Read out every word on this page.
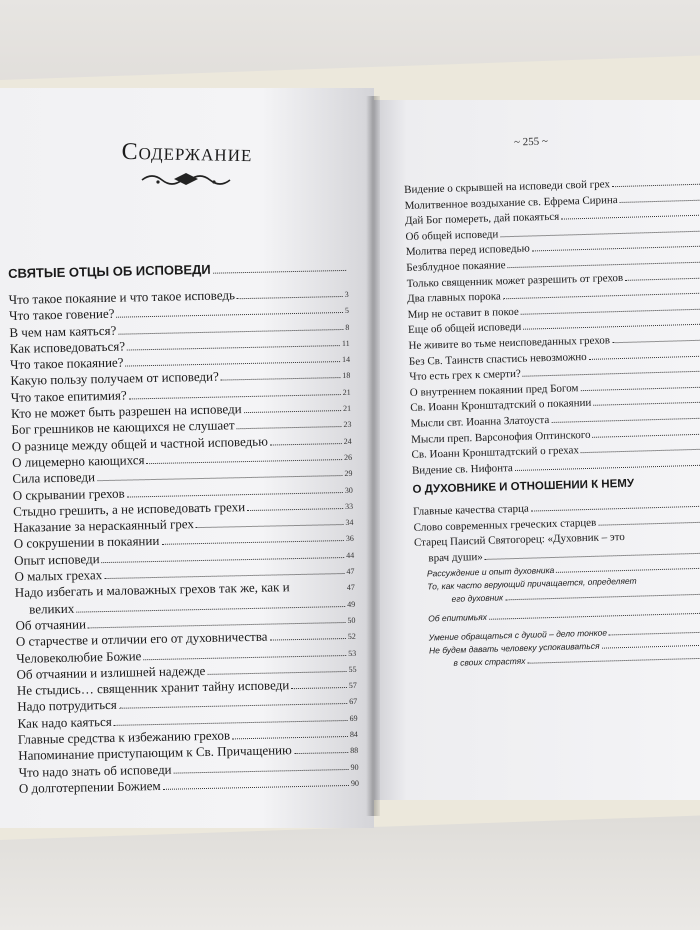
Содержание
СВЯТЫЕ ОТЦЫ ОБ ИСПОВЕДИ
Что такое покаяние и что такое исповедь	3
Что такое говение?	5
В чем нам каяться?	8
Как исповедоваться?	11
Что такое покаяние?	14
Какую пользу получаем от исповеди?	18
Что такое епитимия?	21
Кто не может быть разрешен на исповеди	21
Бог грешников не кающихся не слушает	23
О разнице между общей и частной исповедью	24
О лицемерно кающихся	26
Сила исповеди	29
О скрывании грехов	30
Стыдно грешить, а не исповедовать грехи	33
Наказание за нераскаянный грех	34
О сокрушении в покаянии	36
Опыт исповеди	44
О малых грехах	47
Надо избегать и маловажных грехов так же, как и	47
великих	49
Об отчаянии	50
О старчестве и отличии его от духовничества	52
Человеколюбие Божие	53
Об отчаянии и излишней надежде	55
Не стыдись… священник хранит тайну исповеди	57
Надо потрудиться	67
Как надо каяться	69
Главные средства к избежанию грехов	84
Напоминание приступающим к Св. Причащению	88
Что надо знать об исповеди	90
О долготерпении Божием	90
~ 255 ~
Видение о скрывшей на исповеди свой грех
Молитвенное воздыхание св. Ефрема Сирина
Дай Бог помереть, дай покаяться
Об общей исповеди
Молитва перед исповедью
Безблудное покаяние
Только священник может разрешить от грехов
Два главных порока
Мир не оставит в покое
Еще об общей исповеди
Не живите во тьме неисповеданных грехов
Без Св. Таинств спастись невозможно
Что есть грех к смерти?
О внутреннем покаянии пред Богом
Св. Иоанн Кронштадтский о покаянии
Мысли свт. Иоанна Златоуста
Мысли преп. Варсонофия Оптинского
Св. Иоанн Кронштадтский о грехах
Видение св. Нифонта
О ДУХОВНИКЕ И ОТНОШЕНИИ К НЕМУ
Главные качества старца
Слово современных греческих старцев
Старец Паисий Святогорец: «Духовник – это
врач души»
Рассуждение и опыт духовника
То, как часто верующий причащается, определяет
его духовник
Об епитимьях
Умение обращаться с душой – дело тонкое
Не будем давать человеку успокаиваться
в своих страстях
